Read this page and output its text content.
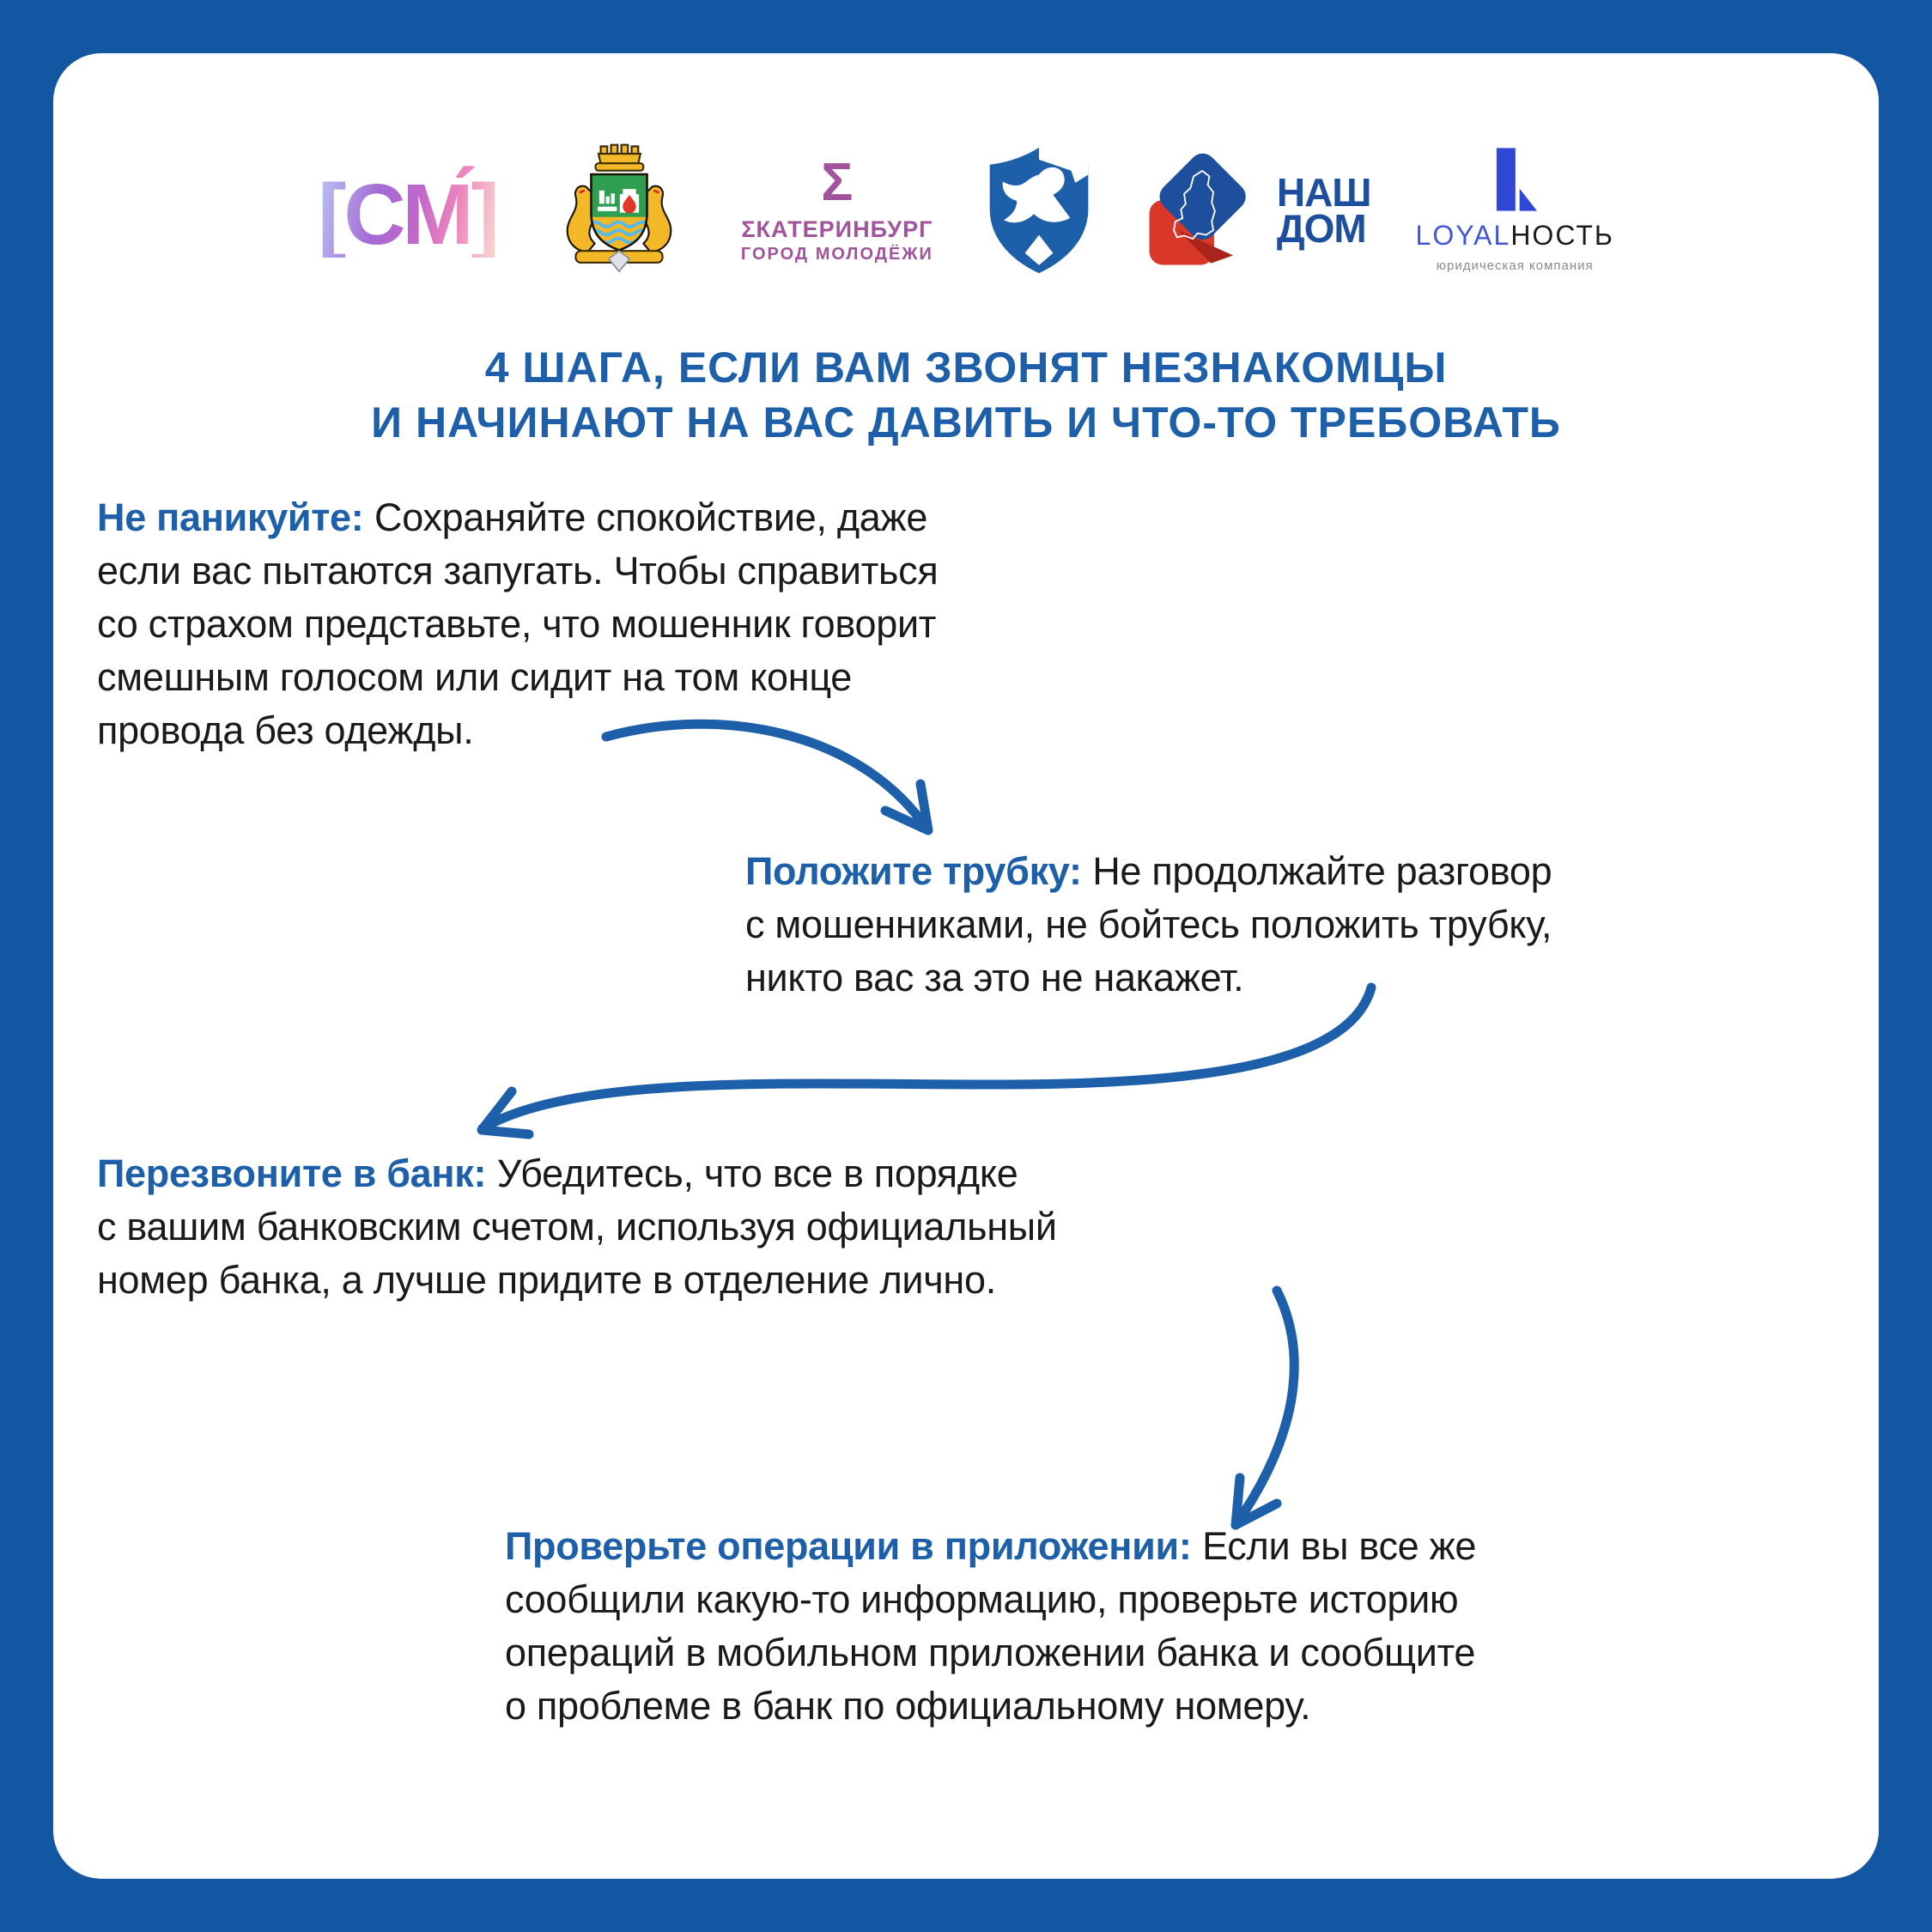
[СМ́]	Σ
ΣКАТЕРИНБУРГ
ГОРОД МОЛОДЁЖИ
НАШ
ДОМ LOYALНОСТЬ
юридическая компания
4 ШАГА, ЕСЛИ ВАМ ЗВОНЯТ НЕЗНАКОМЦЫ
И НАЧИНАЮТ НА ВАС ДАВИТЬ И ЧТО-ТО ТРЕБОВАТЬ
Не паникуйте: Сохраняйте спокойствие, даже
если вас пытаются запугать. Чтобы справиться
со страхом представьте, что мошенник говорит
смешным голосом или сидит на том конце
провода без одежды.
Положите трубку: Не продолжайте разговор
с мошенниками, не бойтесь положить трубку,
никто вас за это не накажет.
Перезвоните в банк: Убедитесь, что все в порядке
с вашим банковским счетом, используя официальный
номер банка, а лучше придите в отделение лично.
Проверьте операции в приложении: Если вы все же
сообщили какую-то информацию, проверьте историю
операций в мобильном приложении банка и сообщите
о проблеме в банк по официальному номеру.
